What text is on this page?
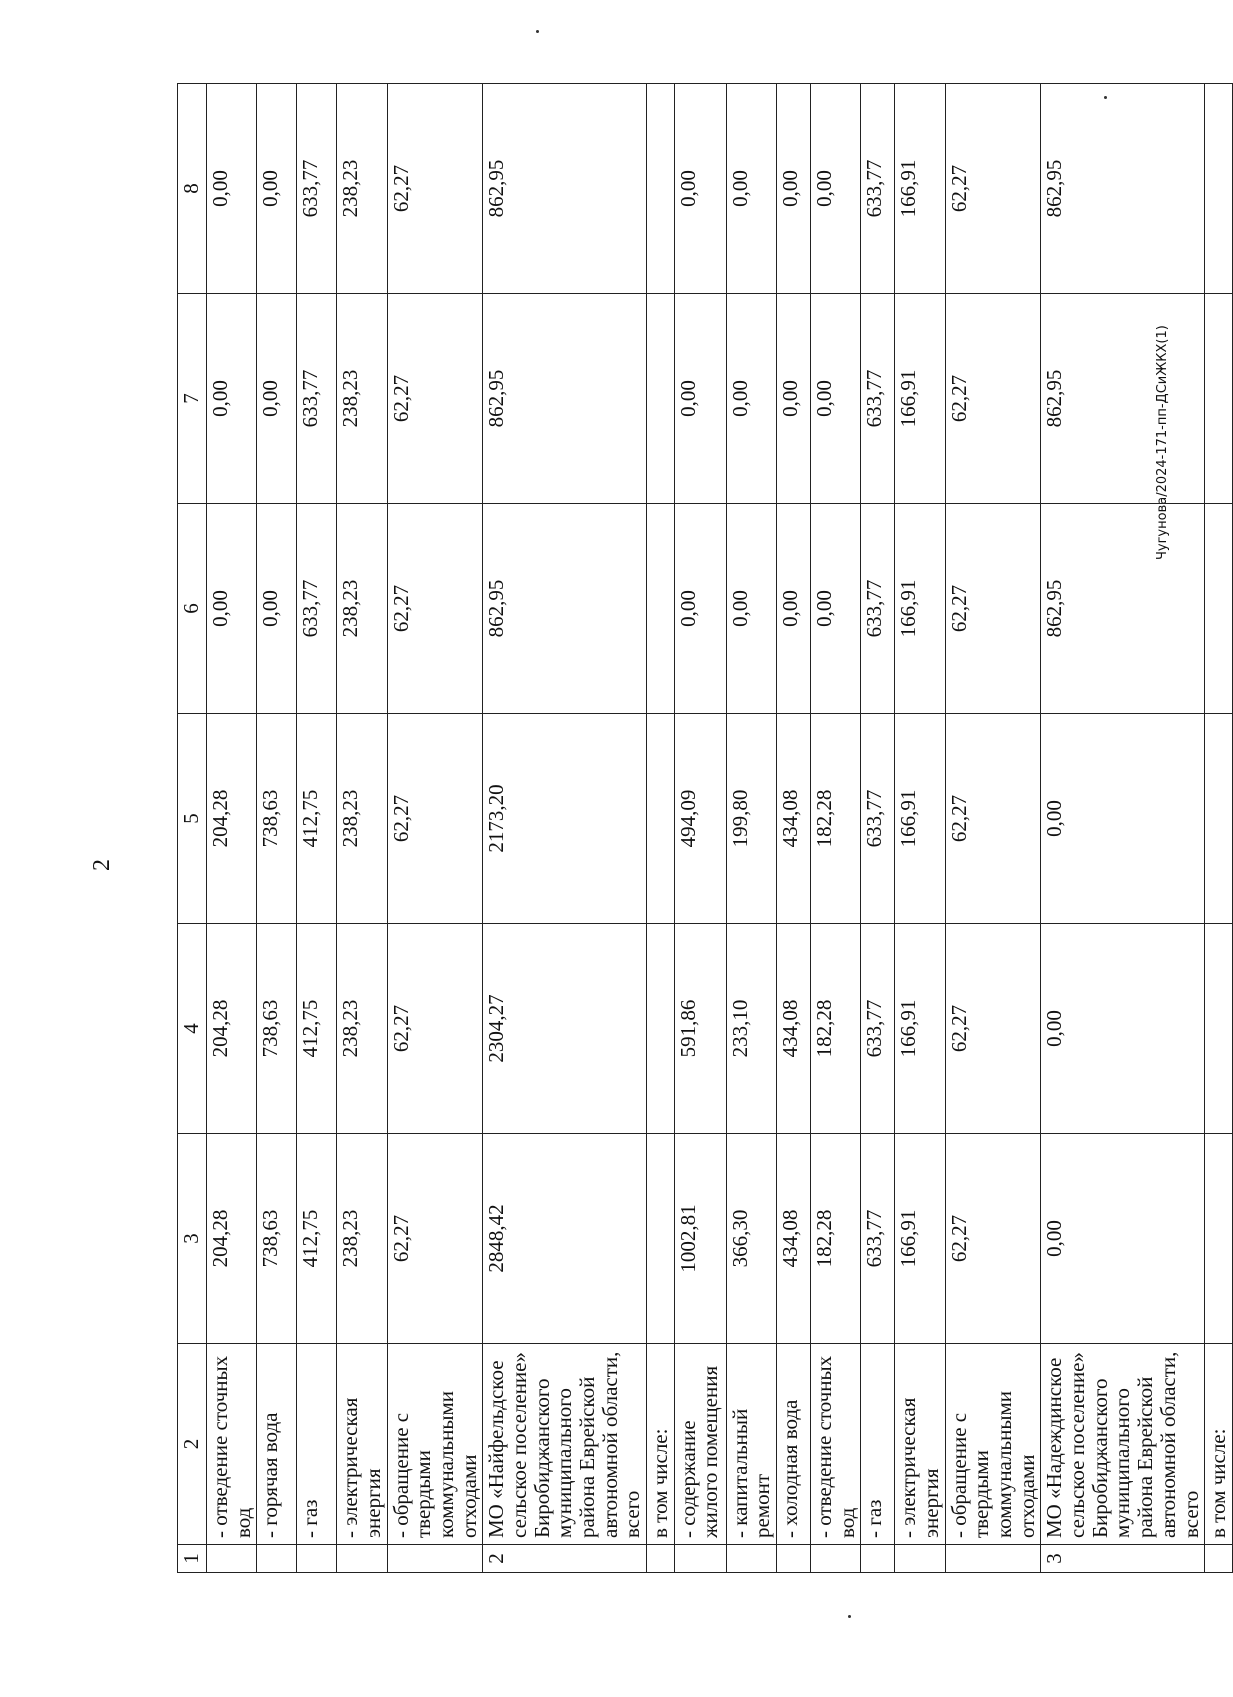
2
Чугунова/2024-171-пп-ДСиЖКХ(1)
1	2	3	4	5	6	7	8
	- отведение сточных вод	204,28	204,28	204,28	0,00	0,00	0,00
	- горячая вода	738,63	738,63	738,63	0,00	0,00	0,00
	- газ	412,75	412,75	412,75	633,77	633,77	633,77
	- электрическая энергия	238,23	238,23	238,23	238,23	238,23	238,23
	- обращение с твердыми коммунальными отходами	62,27	62,27	62,27	62,27	62,27	62,27
2	МО «Найфельдское сельское поселение» Биробиджанского муниципального района Еврейской автономной области, всего	2848,42	2304,27	2173,20	862,95	862,95	862,95
	в том числе:						
	- содержание жилого помещения	1002,81	591,86	494,09	0,00	0,00	0,00
	- капитальный ремонт	366,30	233,10	199,80	0,00	0,00	0,00
	- холодная вода	434,08	434,08	434,08	0,00	0,00	0,00
	- отведение сточных вод	182,28	182,28	182,28	0,00	0,00	0,00
	- газ	633,77	633,77	633,77	633,77	633,77	633,77
	- электрическая энергия	166,91	166,91	166,91	166,91	166,91	166,91
	- обращение с твердыми коммунальными отходами	62,27	62,27	62,27	62,27	62,27	62,27
3	МО «Надеждинское сельское поселение» Биробиджанского муниципального района Еврейской автономной области, всего	0,00	0,00	0,00	862,95	862,95	862,95
	в том числе:						
